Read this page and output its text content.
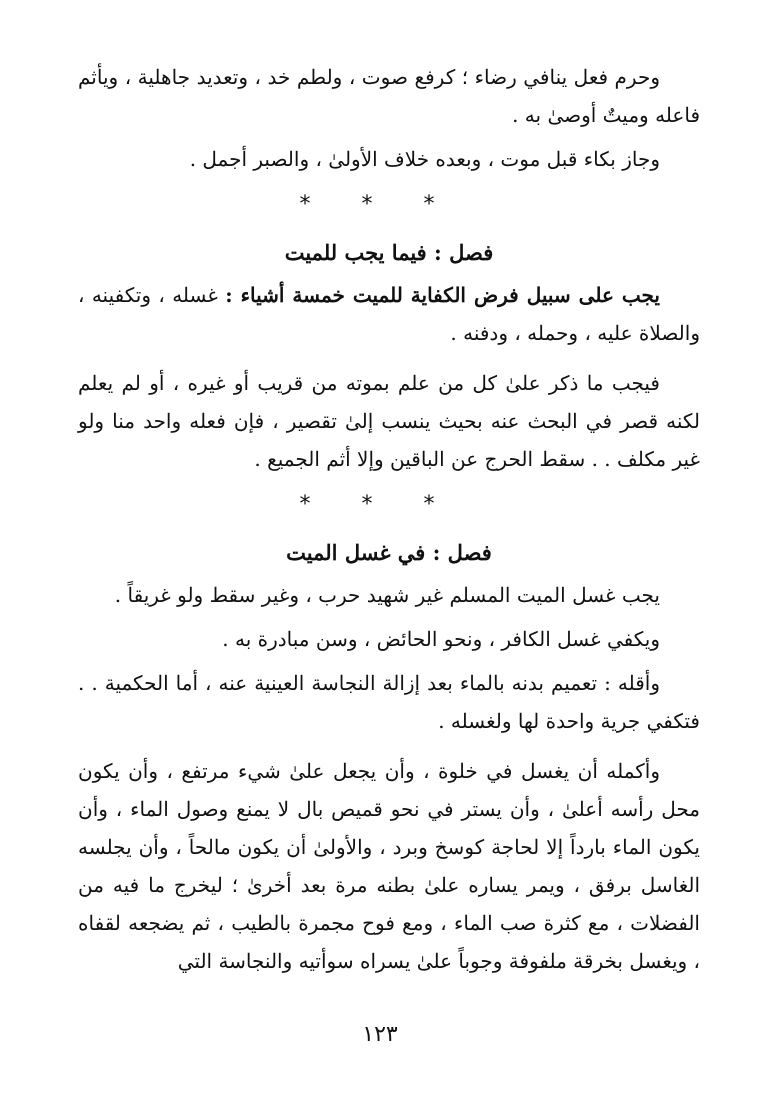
وحرم فعل ينافي رضاء ؛ كرفع صوت ، ولطم خد ، وتعديد جاهلية ، ويأثم فاعله وميتٌ أوصىٰ به .

وجاز بكاء قبل موت ، وبعده خلاف الأولىٰ ، والصبر أجمل .

* * *
فصل : فيما يجب للميت

يجب على سبيل فرض الكفاية للميت خمسة أشياء : غسله ، وتكفينه ، والصلاة عليه ، وحمله ، ودفنه .

فيجب ما ذكر علىٰ كل من علم بموته من قريب أو غيره ، أو لم يعلم لكنه قصر في البحث عنه بحيث ينسب إلىٰ تقصير ، فإن فعله واحد منا ولو غير مكلف . . سقط الحرج عن الباقين وإلا أثم الجميع .

* * *
فصل : في غسل الميت

يجب غسل الميت المسلم غير شهيد حرب ، وغير سقط ولو غريقاً .

ويكفي غسل الكافر ، ونحو الحائض ، وسن مبادرة به .

وأقله : تعميم بدنه بالماء بعد إزالة النجاسة العينية عنه ، أما الحكمية . . فتكفي جرية واحدة لها ولغسله .

وأكمله أن يغسل في خلوة ، وأن يجعل علىٰ شيء مرتفع ، وأن يكون محل رأسه أعلىٰ ، وأن يستر في نحو قميص بال لا يمنع وصول الماء ، وأن يكون الماء بارداً إلا لحاجة كوسخ وبرد ، والأولىٰ أن يكون مالحاً ، وأن يجلسه الغاسل برفق ، ويمر يساره علىٰ بطنه مرة بعد أخرىٰ ؛ ليخرج ما فيه من الفضلات ، مع كثرة صب الماء ، ومع فوح مجمرة بالطيب ، ثم يضجعه لقفاه ، ويغسل بخرقة ملفوفة وجوباً علىٰ يسراه سوأتيه والنجاسة التي

١٢٣
